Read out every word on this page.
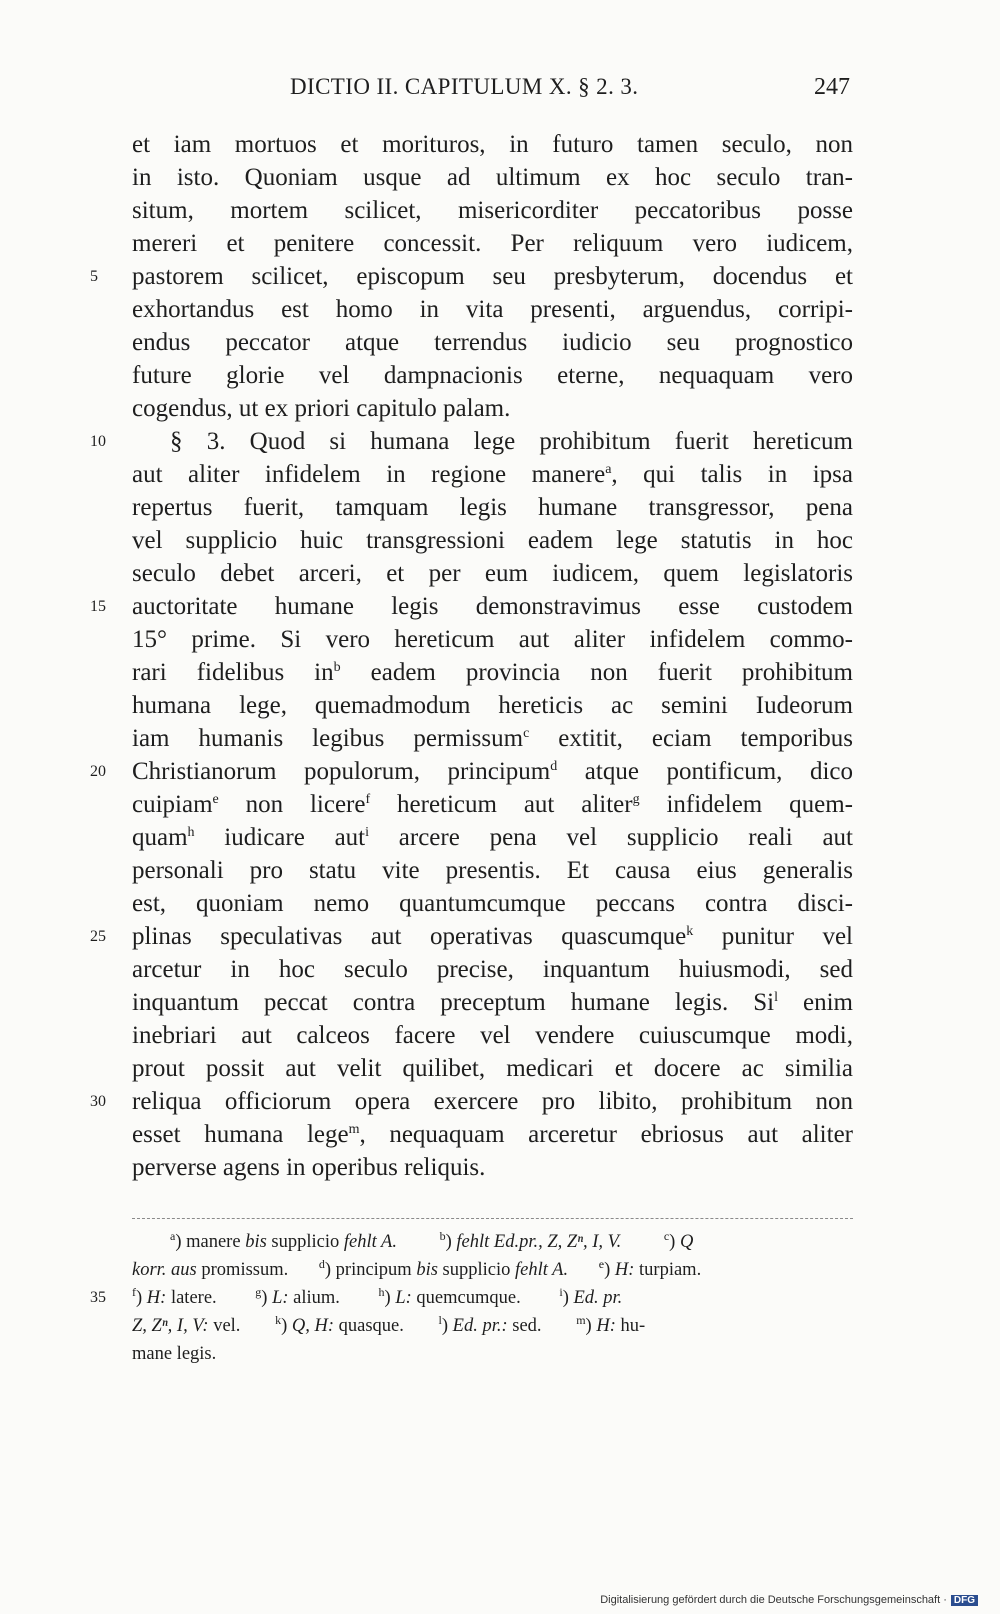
DICTIO II. CAPITULUM X. § 2. 3.	247
et iam mortuos et morituros, in futuro tamen seculo, non
in isto. Quoniam usque ad ultimum ex hoc seculo tran-
situm, mortem scilicet, misericorditer peccatoribus posse
mereri et penitere concessit. Per reliquum vero iudicem,
5	pastorem scilicet, episcopum seu presbyterum, docendus et
exhortandus est homo in vita presenti, arguendus, corripi-
endus peccator atque terrendus iudicio seu prognostico
future glorie vel dampnacionis eterne, nequaquam vero
cogendus, ut ex priori capitulo palam.
10	§ 3. Quod si humana lege prohibitum fuerit hereticum
aut aliter infidelem in regione manere$^a$, qui talis in ipsa
repertus fuerit, tamquam legis humane transgressor, pena
vel supplicio huic transgressioni eadem lege statutis in hoc
seculo debet arceri, et per eum iudicem, quem legislatoris
15	auctoritate humane legis demonstravimus esse custodem
15° prime. Si vero hereticum aut aliter infidelem commo-
rari fidelibus $in^b$ eadem provincia non fuerit prohibitum
humana lege, quemadmodum hereticis ac semini Iudeorum
iam humanis legibus permissum$^c$ extitit, eciam temporibus
20	Christianorum populorum, principum$^d$ atque pontificum, dico
cuipiam$^e$ non licere$^f$ hereticum aut aliter$^g$ infidelem quem-
quam$^h$ iudicare aut$^i$ arcere pena vel supplicio reali aut
personali pro statu vite presentis. Et causa eius generalis
est, quoniam nemo quantumcumque peccans contra disci-
25	plinas speculativas aut operativas quascumque$^k$ punitur vel
arcetur in hoc seculo precise, inquantum huiusmodi, sed
inquantum peccat contra preceptum humane legis. Si$^l$ enim
inebriari aut calceos facere vel vendere cuiuscumque modi,
prout possit aut velit quilibet, medicari et docere ac similia
30	reliqua officiorum opera exercere pro libito, prohibitum non
esset humana lege$^m$, nequaquam arceretur ebriosus aut aliter
perverse agens in operibus reliquis.
$^a$) manere bis supplicio fehlt A.	$^b$) fehlt Ed.pr., Z, Zⁿ, I, V.	$^c$) Q
korr. aus promissum.	$^d$) principum bis supplicio fehlt A.	$^e$) H: turpiam.
35 $^f$) H: latere.	$^g$) L: alium.	$^h$) L: quemcumque.	$^i$) Ed. pr.
Z, Zⁿ, I, V: vel.	$^k$) Q, H: quasque.	$^l$) Ed. pr.: sed.	$^m$) H: hu-
mane legis.
Digitalisierung gefördert durch die Deutsche Forschungsgemeinschaft · DFG
